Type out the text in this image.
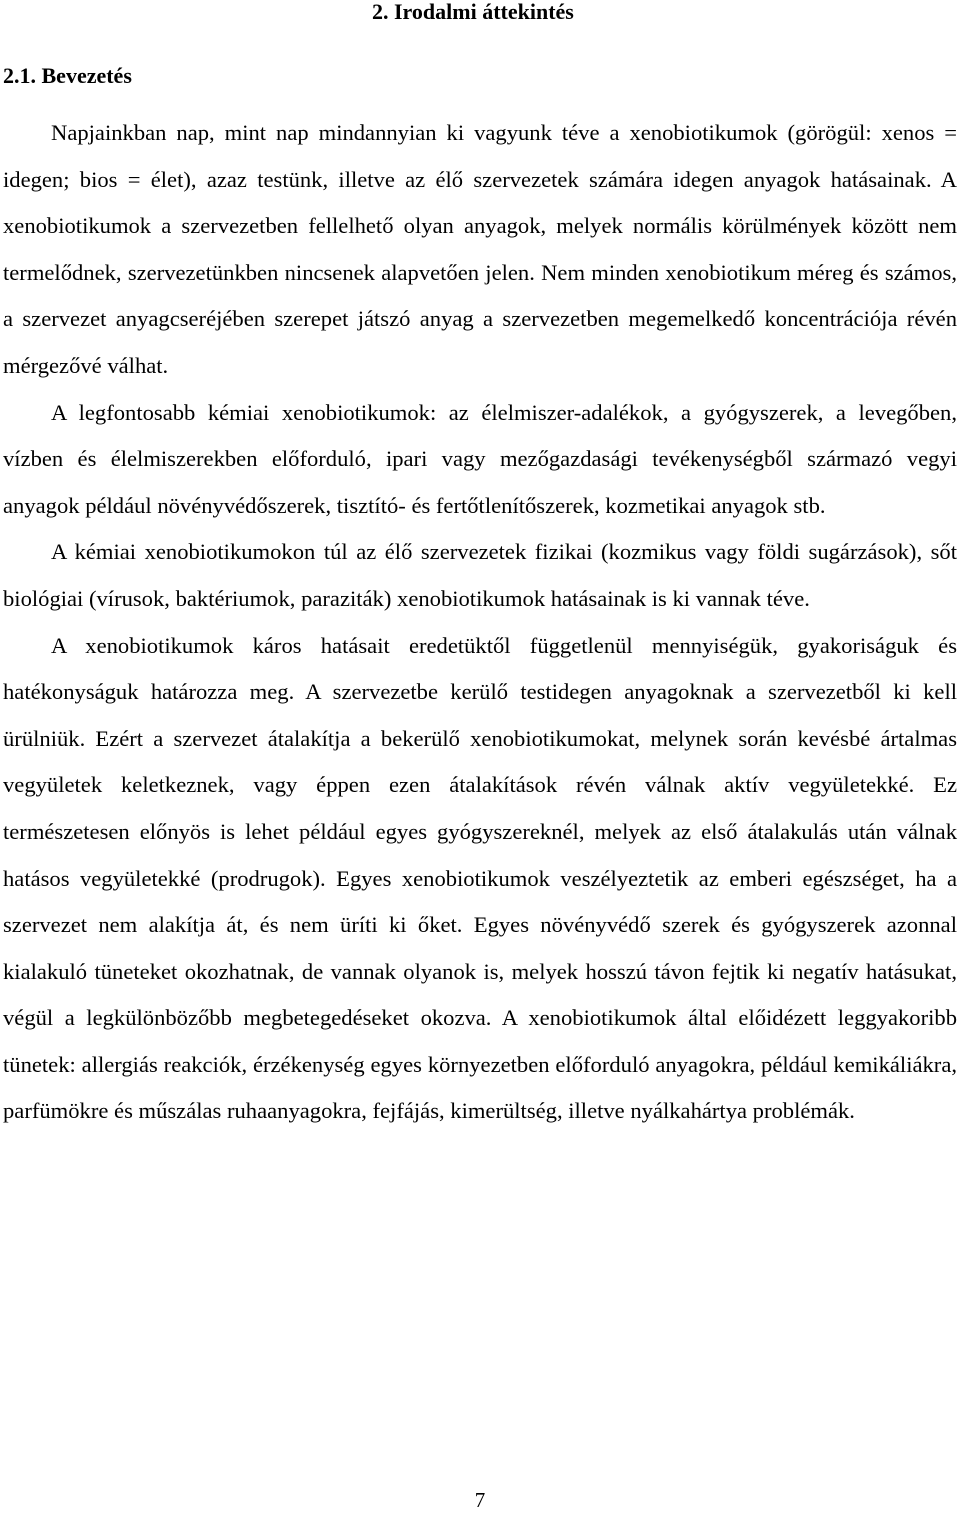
2. Irodalmi áttekintés
2.1. Bevezetés

Napjainkban nap, mint nap mindannyian ki vagyunk téve a xenobiotikumok (görögül: xenos = idegen; bios = élet), azaz testünk, illetve az élő szervezetek számára idegen anyagok hatásainak. A xenobiotikumok a szervezetben fellelhető olyan anyagok, melyek normális körülmények között nem termelődnek, szervezetünkben nincsenek alapvetően jelen. Nem minden xenobiotikum méreg és számos, a szervezet anyagcseréjében szerepet játszó anyag a szervezetben megemelkedő koncentrációja révén mérgezővé válhat.

A legfontosabb kémiai xenobiotikumok: az élelmiszer-adalékok, a gyógyszerek, a levegőben, vízben és élelmiszerekben előforduló, ipari vagy mezőgazdasági tevékenységből származó vegyi anyagok például növényvédőszerek, tisztító- és fertőtlenítőszerek, kozmetikai anyagok stb.

A kémiai xenobiotikumokon túl az élő szervezetek fizikai (kozmikus vagy földi sugárzások), sőt biológiai (vírusok, baktériumok, paraziták) xenobiotikumok hatásainak is ki vannak téve.

A xenobiotikumok káros hatásait eredetüktől függetlenül mennyiségük, gyakoriságuk és hatékonyságuk határozza meg. A szervezetbe kerülő testidegen anyagoknak a szervezetből ki kell ürülniük. Ezért a szervezet átalakítja a bekerülő xenobiotikumokat, melynek során kevésbé ártalmas vegyületek keletkeznek, vagy éppen ezen átalakítások révén válnak aktív vegyületekké. Ez természetesen előnyös is lehet például egyes gyógyszereknél, melyek az első átalakulás után válnak hatásos vegyületekké (prodrugok). Egyes xenobiotikumok veszélyeztetik az emberi egészséget, ha a szervezet nem alakítja át, és nem üríti ki őket. Egyes növényvédő szerek és gyógyszerek azonnal kialakuló tüneteket okozhatnak, de vannak olyanok is, melyek hosszú távon fejtik ki negatív hatásukat, végül a legkülönbözőbb megbetegedéseket okozva. A xenobiotikumok által előidézett leggyakoribb tünetek: allergiás reakciók, érzékenység egyes környezetben előforduló anyagokra, például kemikáliákra, parfümökre és műszálas ruhaanyagokra, fejfájás, kimerültség, illetve nyálkahártya problémák.

7
